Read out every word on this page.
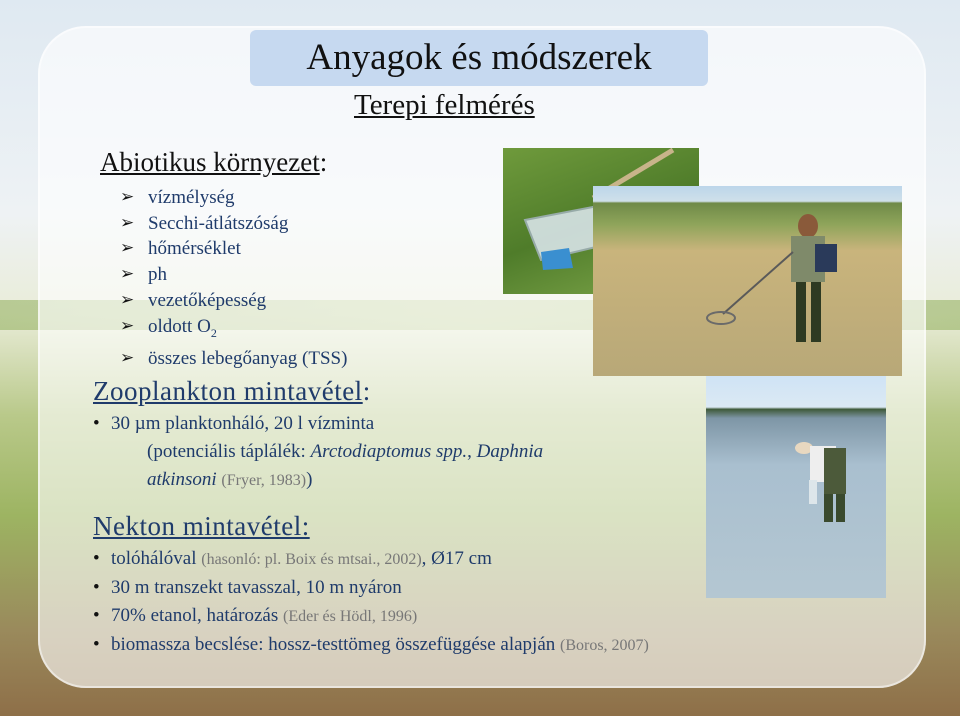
Anyagok és módszerek
Terepi felmérés
Abiotikus környezet:
➢ vízmélység
➢ Secchi-átlátszóság
➢ hőmérséklet
➢ ph
➢ vezetőképesség
➢ oldott $O_2$
➢ összes lebegőanyag (TSS)
Zooplankton mintavétel:
• 30 µm planktonháló, 20 l vízminta
(potenciális táplálék: Arctodiaptomus spp., Daphnia
atkinsoni (Fryer, 1983))
Nekton mintavétel:
• tolóhálóval (hasonló: pl. Boix és mtsai., 2002), Ø17 cm
• 30 m transzekt tavasszal, 10 m nyáron
• 70% etanol, határozás (Eder és Hödl, 1996)
• biomassza becslése: hossz-testtömeg összefüggése alapján (Boros, 2007)
